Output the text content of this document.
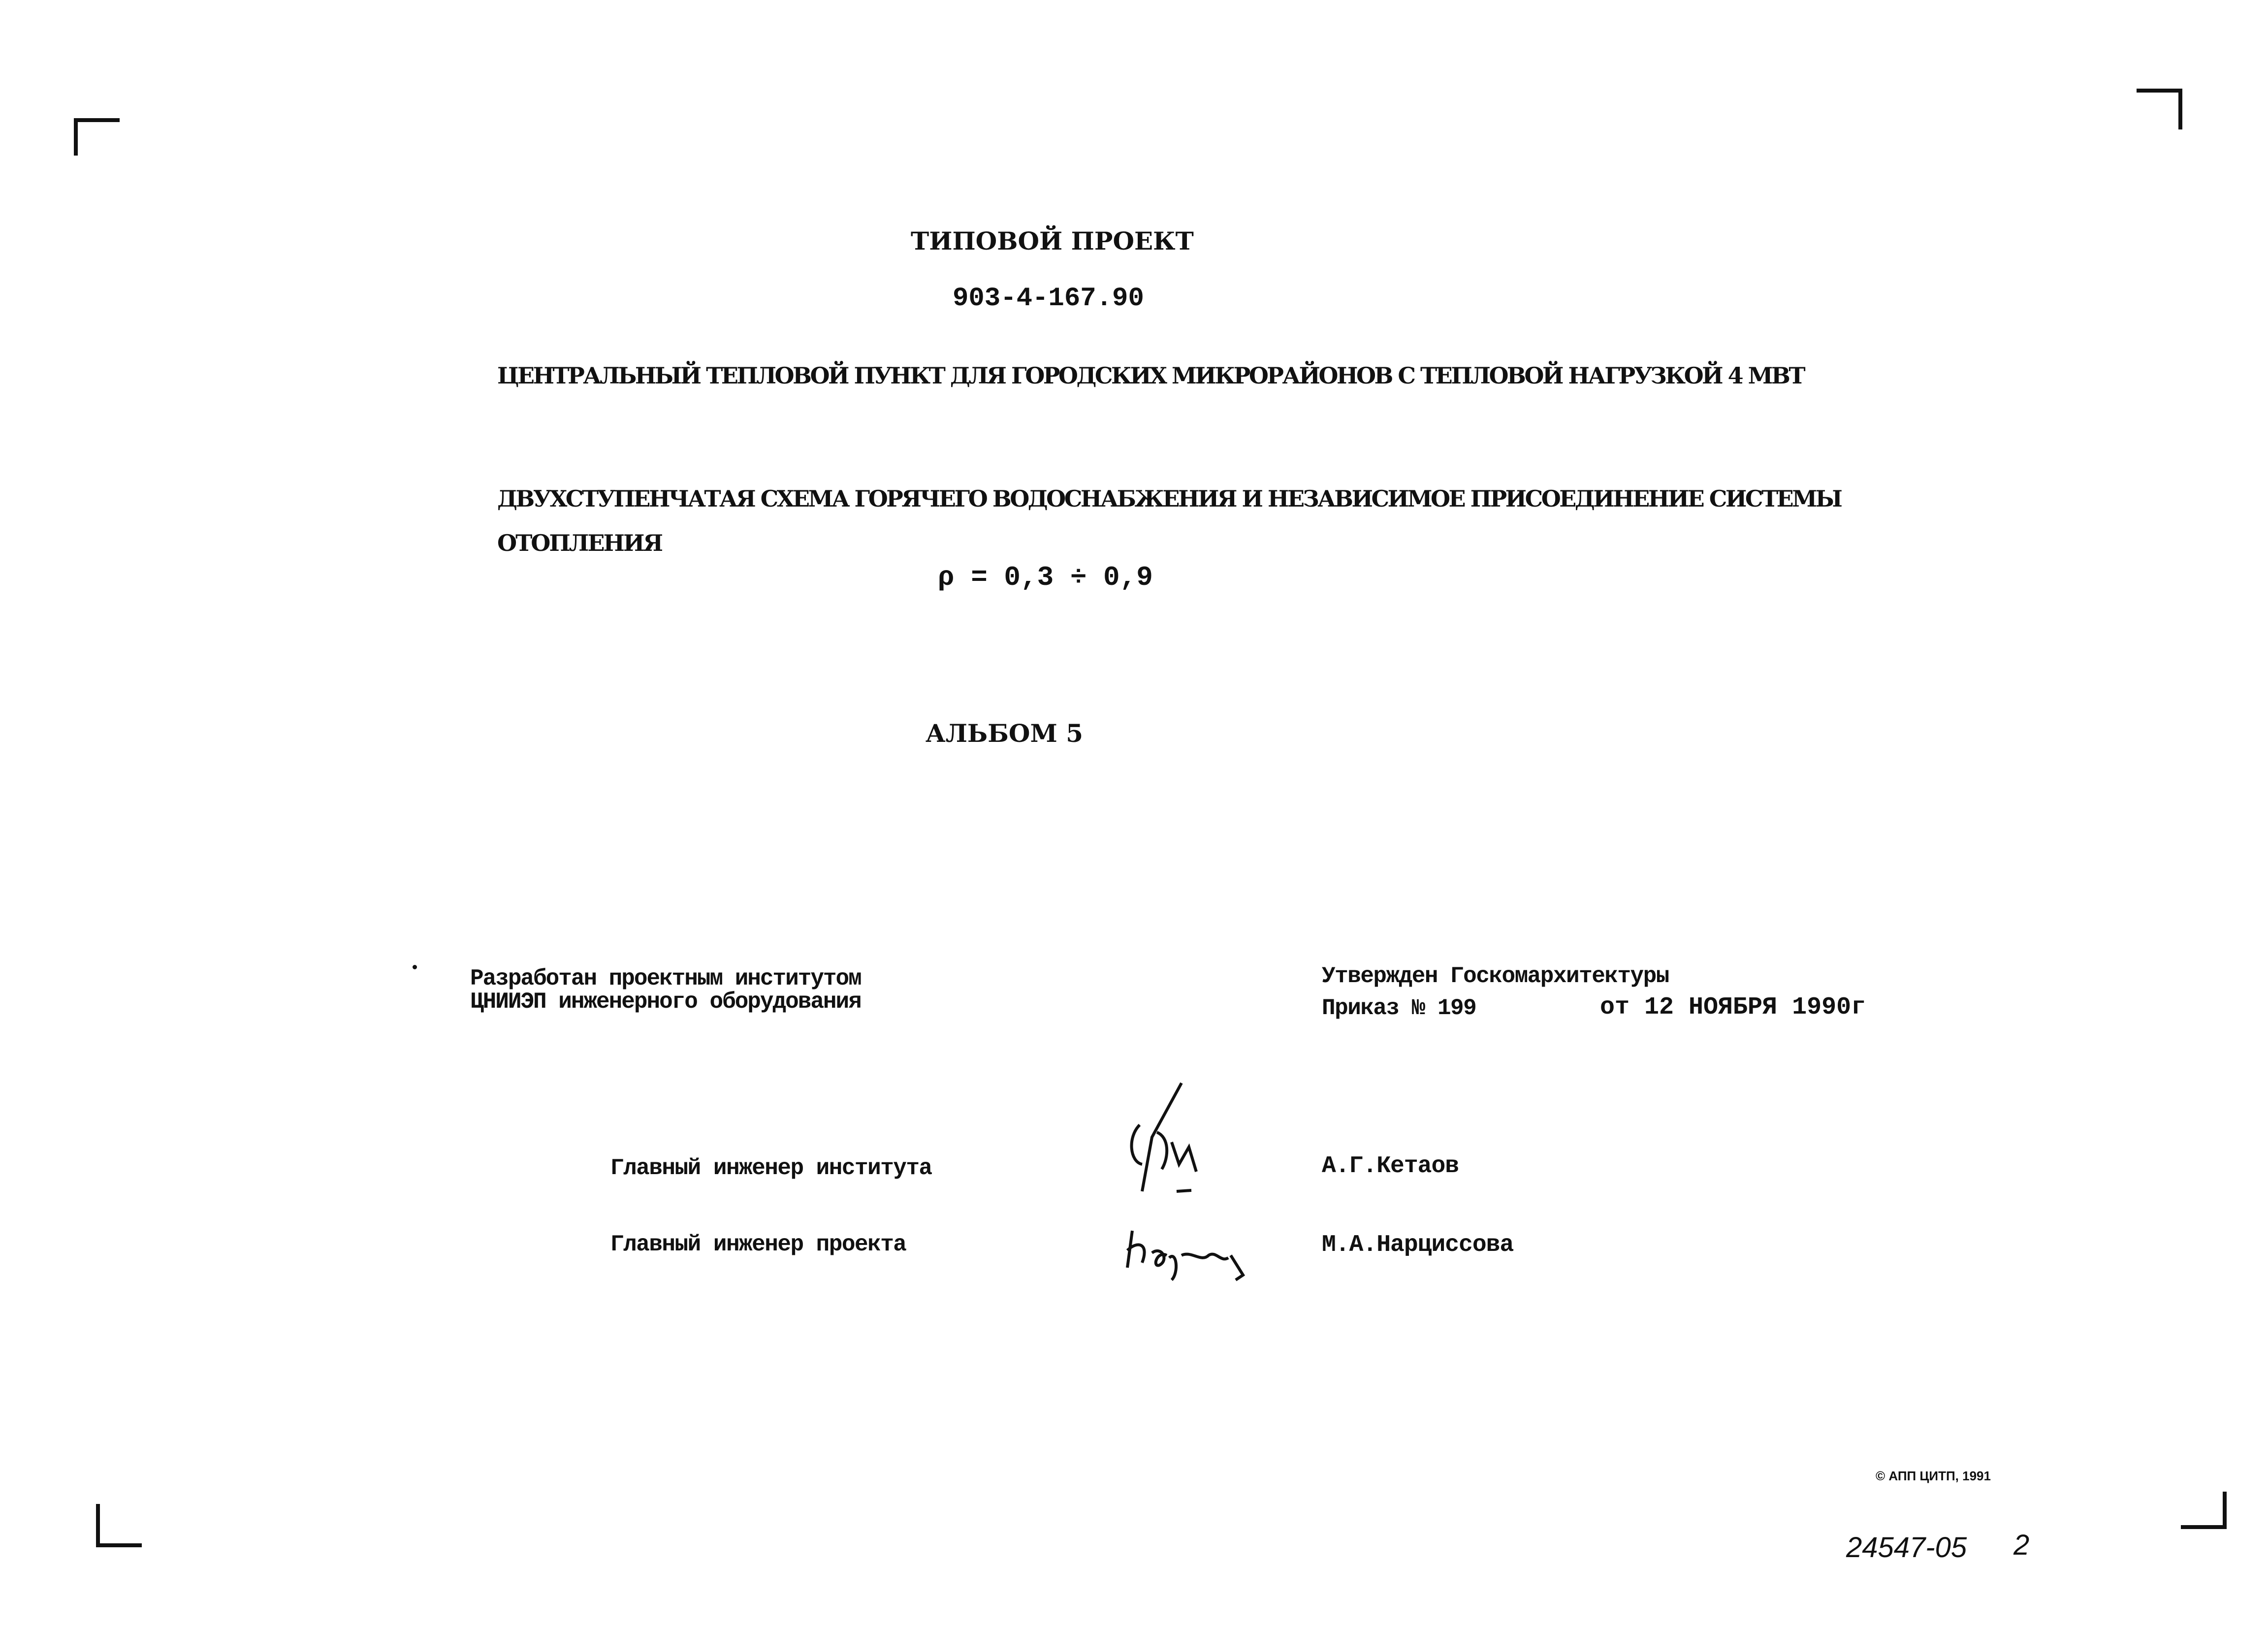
ТИПОВОЙ ПРОЕКТ
903-4-167.90
ЦЕНТРАЛЬНЫЙ ТЕПЛОВОЙ ПУНКТ ДЛЯ ГОРОДСКИХ МИКРОРАЙОНОВ С ТЕПЛОВОЙ НАГРУЗКОЙ 4 МВТ
ДВУХСТУПЕНЧАТАЯ СХЕМА ГОРЯЧЕГО ВОДОСНАБЖЕНИЯ И НЕЗАВИСИМОЕ ПРИСОЕДИНЕНИЕ СИСТЕМЫ
ОТОПЛЕНИЯ
ρ = 0,3 ÷ 0,9
АЛЬБОМ 5
Разработан проектным институтом
ЦНИИЭП инженерного оборудования
Утвержден Госкомархитектуры
Приказ № 199	от 12 НОЯБРЯ 1990г
Главный инженер института	А.Г.Кетаов
Главный инженер проекта	М.А.Нарциссова
© АПП ЦИТП, 1991
24547-05 2
